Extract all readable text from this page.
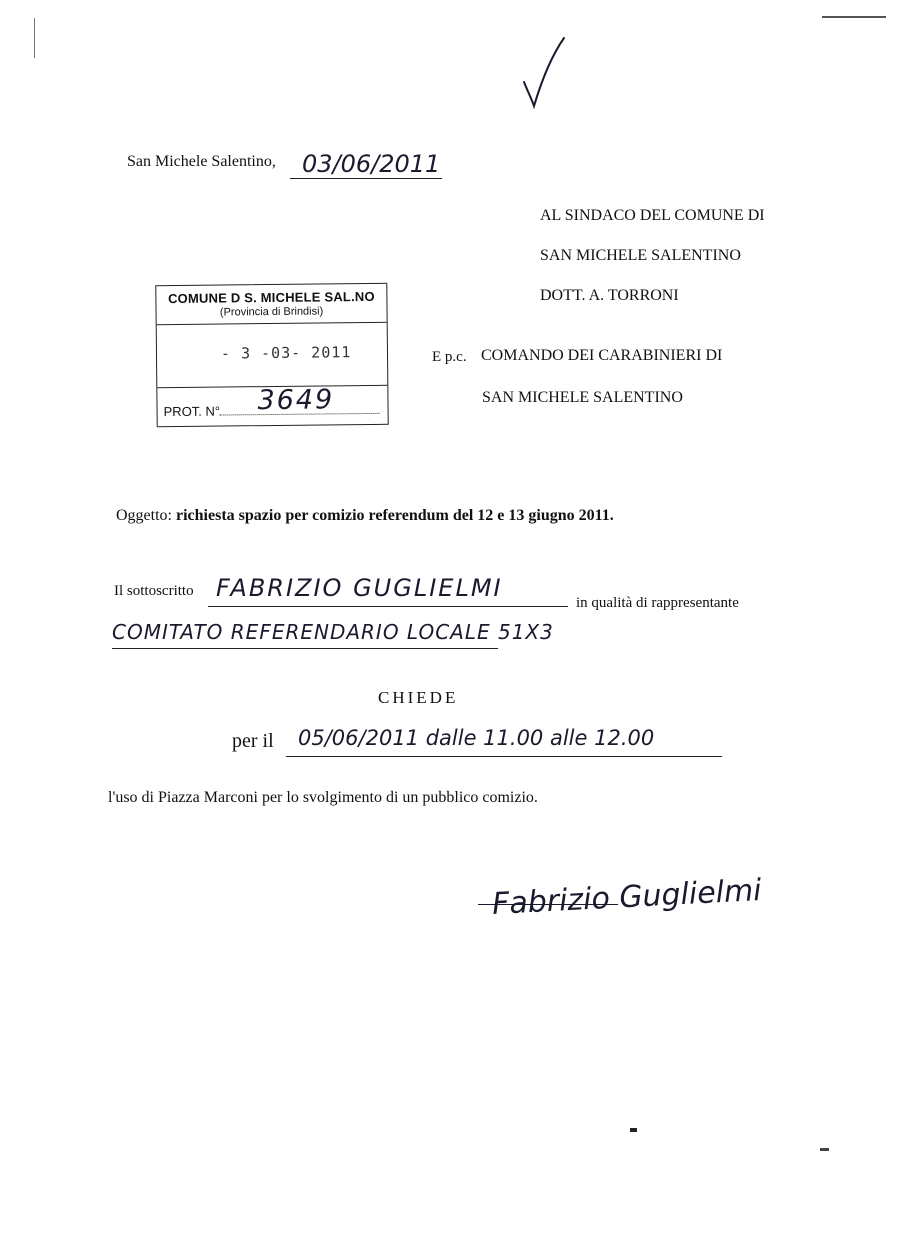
San Michele Salentino, 03/06/2011
AL SINDACO DEL COMUNE DI
SAN MICHELE SALENTINO
DOTT. A. TORRONI
E p.c. COMANDO DEI CARABINIERI DI
SAN MICHELE SALENTINO
COMUNE D S. MICHELE SAL.NO
(Provincia di Brindisi)
- 3 -03- 2011
PROT. N° 3649
Oggetto: richiesta spazio per comizio referendum del 12 e 13 giugno 2011.
Il sottoscritto FABRIZIO GUGLIELMI
in qualità di rappresentante
COMITATO REFERENDARIO LOCALE 51X3
CHIEDE
per il 05/06/2011 dalle 11.00 alle 12.00
l'uso di Piazza Marconi per lo svolgimento di un pubblico comizio.
Fabrizio Guglielmi
